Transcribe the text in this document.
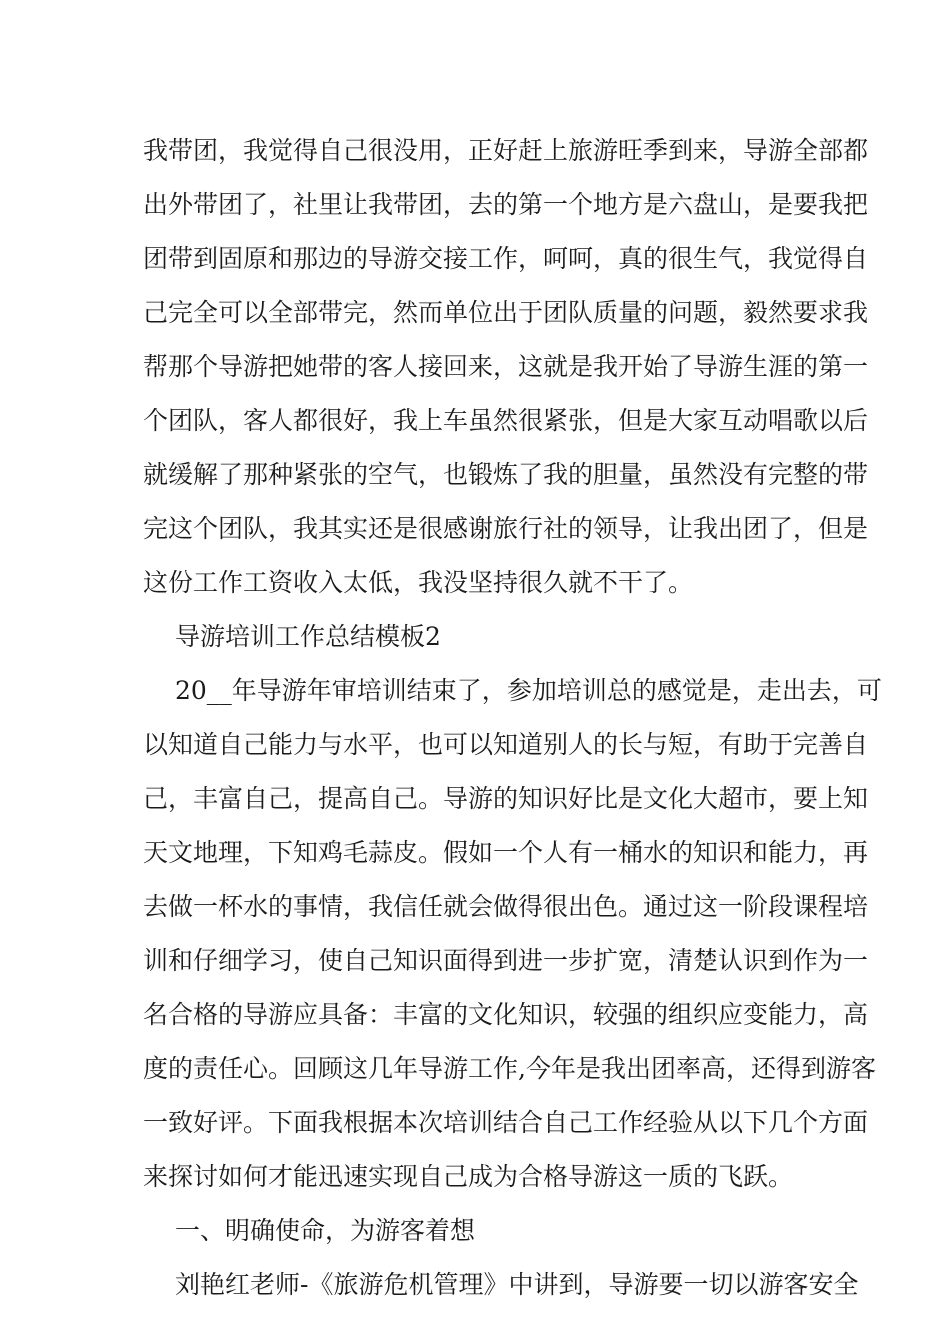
我带团，我觉得自己很没用，正好赶上旅游旺季到来，导游全部都
出外带团了，社里让我带团，去的第一个地方是六盘山，是要我把
团带到固原和那边的导游交接工作，呵呵，真的很生气，我觉得自
己完全可以全部带完，然而单位出于团队质量的问题，毅然要求我
帮那个导游把她带的客人接回来，这就是我开始了导游生涯的第一
个团队，客人都很好，我上车虽然很紧张，但是大家互动唱歌以后
就缓解了那种紧张的空气，也锻炼了我的胆量，虽然没有完整的带
完这个团队，我其实还是很感谢旅行社的领导，让我出团了，但是
这份工作工资收入太低，我没坚持很久就不干了。
导游培训工作总结模板2
20__年导游年审培训结束了，参加培训总的感觉是，走出去，可
以知道自己能力与水平，也可以知道别人的长与短，有助于完善自
己，丰富自己，提高自己。导游的知识好比是文化大超市，要上知
天文地理，下知鸡毛蒜皮。假如一个人有一桶水的知识和能力，再
去做一杯水的事情，我信任就会做得很出色。通过这一阶段课程培
训和仔细学习，使自己知识面得到进一步扩宽，清楚认识到作为一
名合格的导游应具备：丰富的文化知识，较强的组织应变能力，高
度的责任心。回顾这几年导游工作,今年是我出团率高，还得到游客
一致好评。下面我根据本次培训结合自己工作经验从以下几个方面
来探讨如何才能迅速实现自己成为合格导游这一质的飞跃。
一、明确使命，为游客着想
刘艳红老师-《旅游危机管理》中讲到，导游要一切以游客安全
